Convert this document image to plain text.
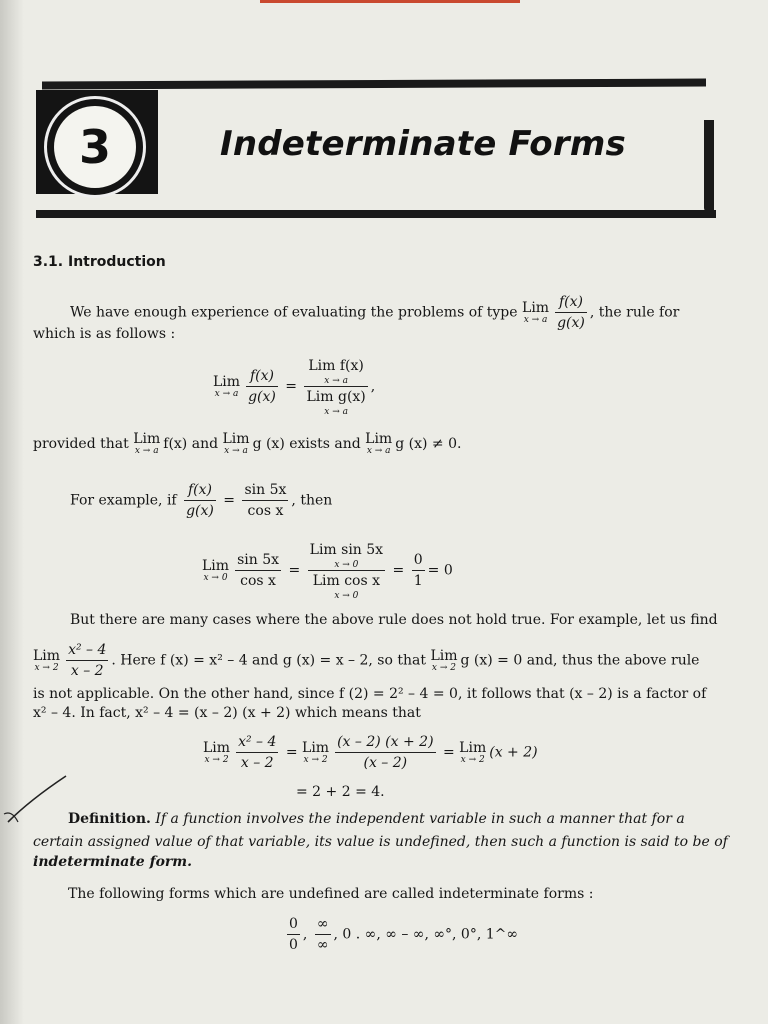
3	Indeterminate Forms
3.1. Introduction
We have enough experience of evaluating the problems of type Lim
x → a $\frac{f(x)}{g(x)}$ , the rule for
which is as follows :
Lim
x → a $\frac{f(x)}{g(x)}$ = Lim f(x)
x → a
Lim g(x)
x → a ,
provided that Lim
x → a f(x) and Lim
x → a g (x) exists and Lim
x → a g (x) ≠ 0.
For example, if $\frac{f(x)}{g(x)} = \frac{\sin 5x}{\text{cos x}}$ , then
Lim
$x \to 0 \frac{\sin 5x}{\text{cos x}}$ = Lim sin 5x
x → 0
Lim cos x
$x \to 0 = \frac{0}{1} = 0$
But there are many cases where the above rule does not hold true. For example, let us find
Lim
$x \to 2 \frac{\text{x² – 4}}{x - 2}$ . Here f (x) = x² – 4 and g (x) = x – 2, so that Lim
x → 2 g (x) = 0 and, thus the above rule
is not applicable. On the other hand, since f (2) = 2² – 4 = 0, it follows that (x – 2) is a factor of
x² – 4. In fact, x² – 4 = (x – 2) (x + 2) which means that
Lim
$x \to 2 \frac{\text{x² – 4}}{x - 2}$ = Lim
$x \to 2 \frac{(x - 2) (x + 2)}{(x - 2)}$ = Lim
x → 2 (x + 2)
= 2 + 2 = 4.
Definition. If a function involves the independent variable in such a manner that for a
certain assigned value of that variable, its value is undefined, then such a function is said to be of
indeterminate form.
The following forms which are undefined are called indeterminate forms :
$\frac{0}{0}$ , $\frac{\infty}{\infty}$ , 0 . ∞, ∞ – ∞, ∞°, 0°, 1^∞
